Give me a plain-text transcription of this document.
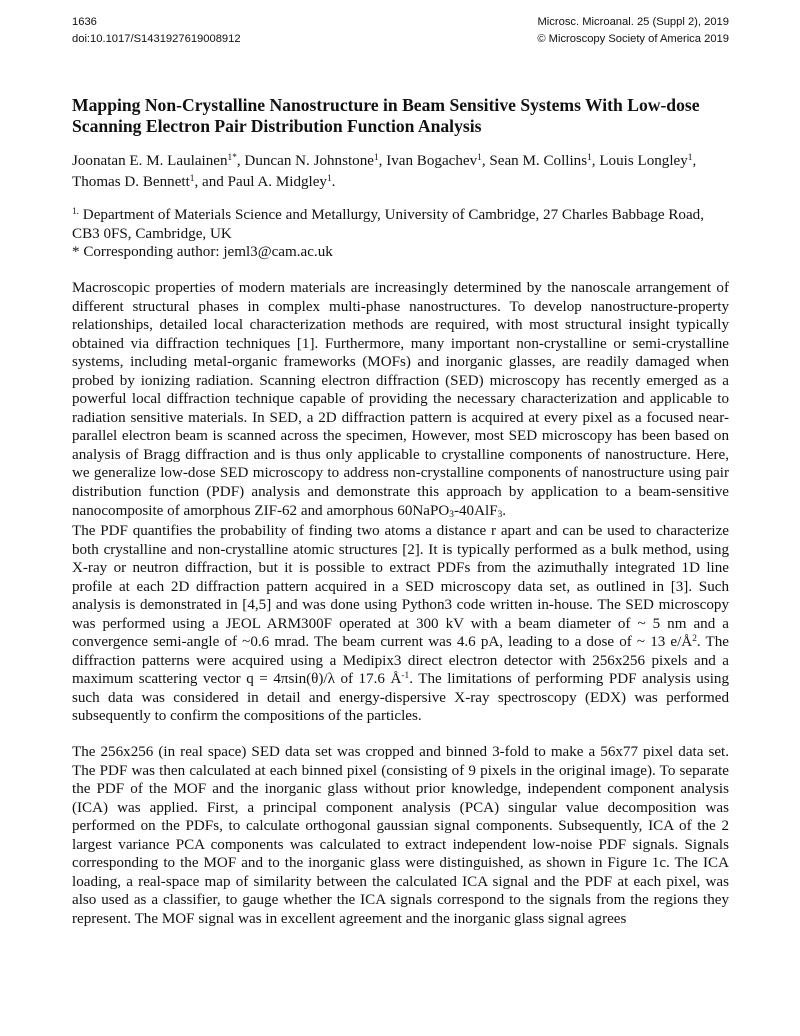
1636	Microsc. Microanal. 25 (Suppl 2), 2019
doi:10.1017/S1431927619008912	© Microscopy Society of America 2019
Mapping Non-Crystalline Nanostructure in Beam Sensitive Systems With Low-dose
Scanning Electron Pair Distribution Function Analysis
Joonatan E. M. Laulainen$^{1*}$, Duncan N. Johnstone$^1$, Ivan Bogachev$^1$, Sean M. Collins$^1$, Louis Longley$^1$,
Thomas D. Bennett$^1$, and Paul A. Midgley$^1$.
$^{1.}$ Department of Materials Science and Metallurgy, University of Cambridge, 27 Charles Babbage Road,
CB3 0FS, Cambridge, UK
* Corresponding author: jeml3@cam.ac.uk
Macroscopic properties of modern materials are increasingly determined by the nanoscale arrangement of different structural phases in complex multi-phase nanostructures. To develop nanostructure-property relationships, detailed local characterization methods are required, with most structural insight typically obtained via diffraction techniques [1]. Furthermore, many important non-crystalline or semi-crystalline systems, including metal-organic frameworks (MOFs) and inorganic glasses, are readily damaged when probed by ionizing radiation. Scanning electron diffraction (SED) microscopy has recently emerged as a powerful local diffraction technique capable of providing the necessary characterization and applicable to radiation sensitive materials. In SED, a 2D diffraction pattern is acquired at every pixel as a focused near-parallel electron beam is scanned across the specimen, However, most SED microscopy has been based on analysis of Bragg diffraction and is thus only applicable to crystalline components of nanostructure. Here, we generalize low-dose SED microscopy to address non-crystalline components of nanostructure using pair distribution function (PDF) analysis and demonstrate this approach by application to a beam-sensitive nanocomposite of amorphous ZIF-62 and amorphous 60NaPO$_3$-40AlF$_3$.
The PDF quantifies the probability of finding two atoms a distance r apart and can be used to characterize both crystalline and non-crystalline atomic structures [2]. It is typically performed as a bulk method, using X-ray or neutron diffraction, but it is possible to extract PDFs from the azimuthally integrated 1D line profile at each 2D diffraction pattern acquired in a SED microscopy data set, as outlined in [3]. Such analysis is demonstrated in [4,5] and was done using Python3 code written in-house. The SED microscopy was performed using a JEOL ARM300F operated at 300 kV with a beam diameter of ~ 5 nm and a convergence semi-angle of ~0.6 mrad. The beam current was 4.6 pA, leading to a dose of ~ 13 $e/Å^2$. The diffraction patterns were acquired using a Medipix3 direct electron detector with 256x256 pixels and a maximum scattering vector q = 4πsin(θ)/λ of 17.6 $Å^{-1}$. The limitations of performing PDF analysis using such data was considered in detail and energy-dispersive X-ray spectroscopy (EDX) was performed subsequently to confirm the compositions of the particles.
The 256x256 (in real space) SED data set was cropped and binned 3-fold to make a 56x77 pixel data set. The PDF was then calculated at each binned pixel (consisting of 9 pixels in the original image). To separate the PDF of the MOF and the inorganic glass without prior knowledge, independent component analysis (ICA) was applied. First, a principal component analysis (PCA) singular value decomposition was performed on the PDFs, to calculate orthogonal gaussian signal components. Subsequently, ICA of the 2 largest variance PCA components was calculated to extract independent low-noise PDF signals. Signals corresponding to the MOF and to the inorganic glass were distinguished, as shown in Figure 1c. The ICA loading, a real-space map of similarity between the calculated ICA signal and the PDF at each pixel, was also used as a classifier, to gauge whether the ICA signals correspond to the signals from the regions they represent. The MOF signal was in excellent agreement and the inorganic glass signal agrees
